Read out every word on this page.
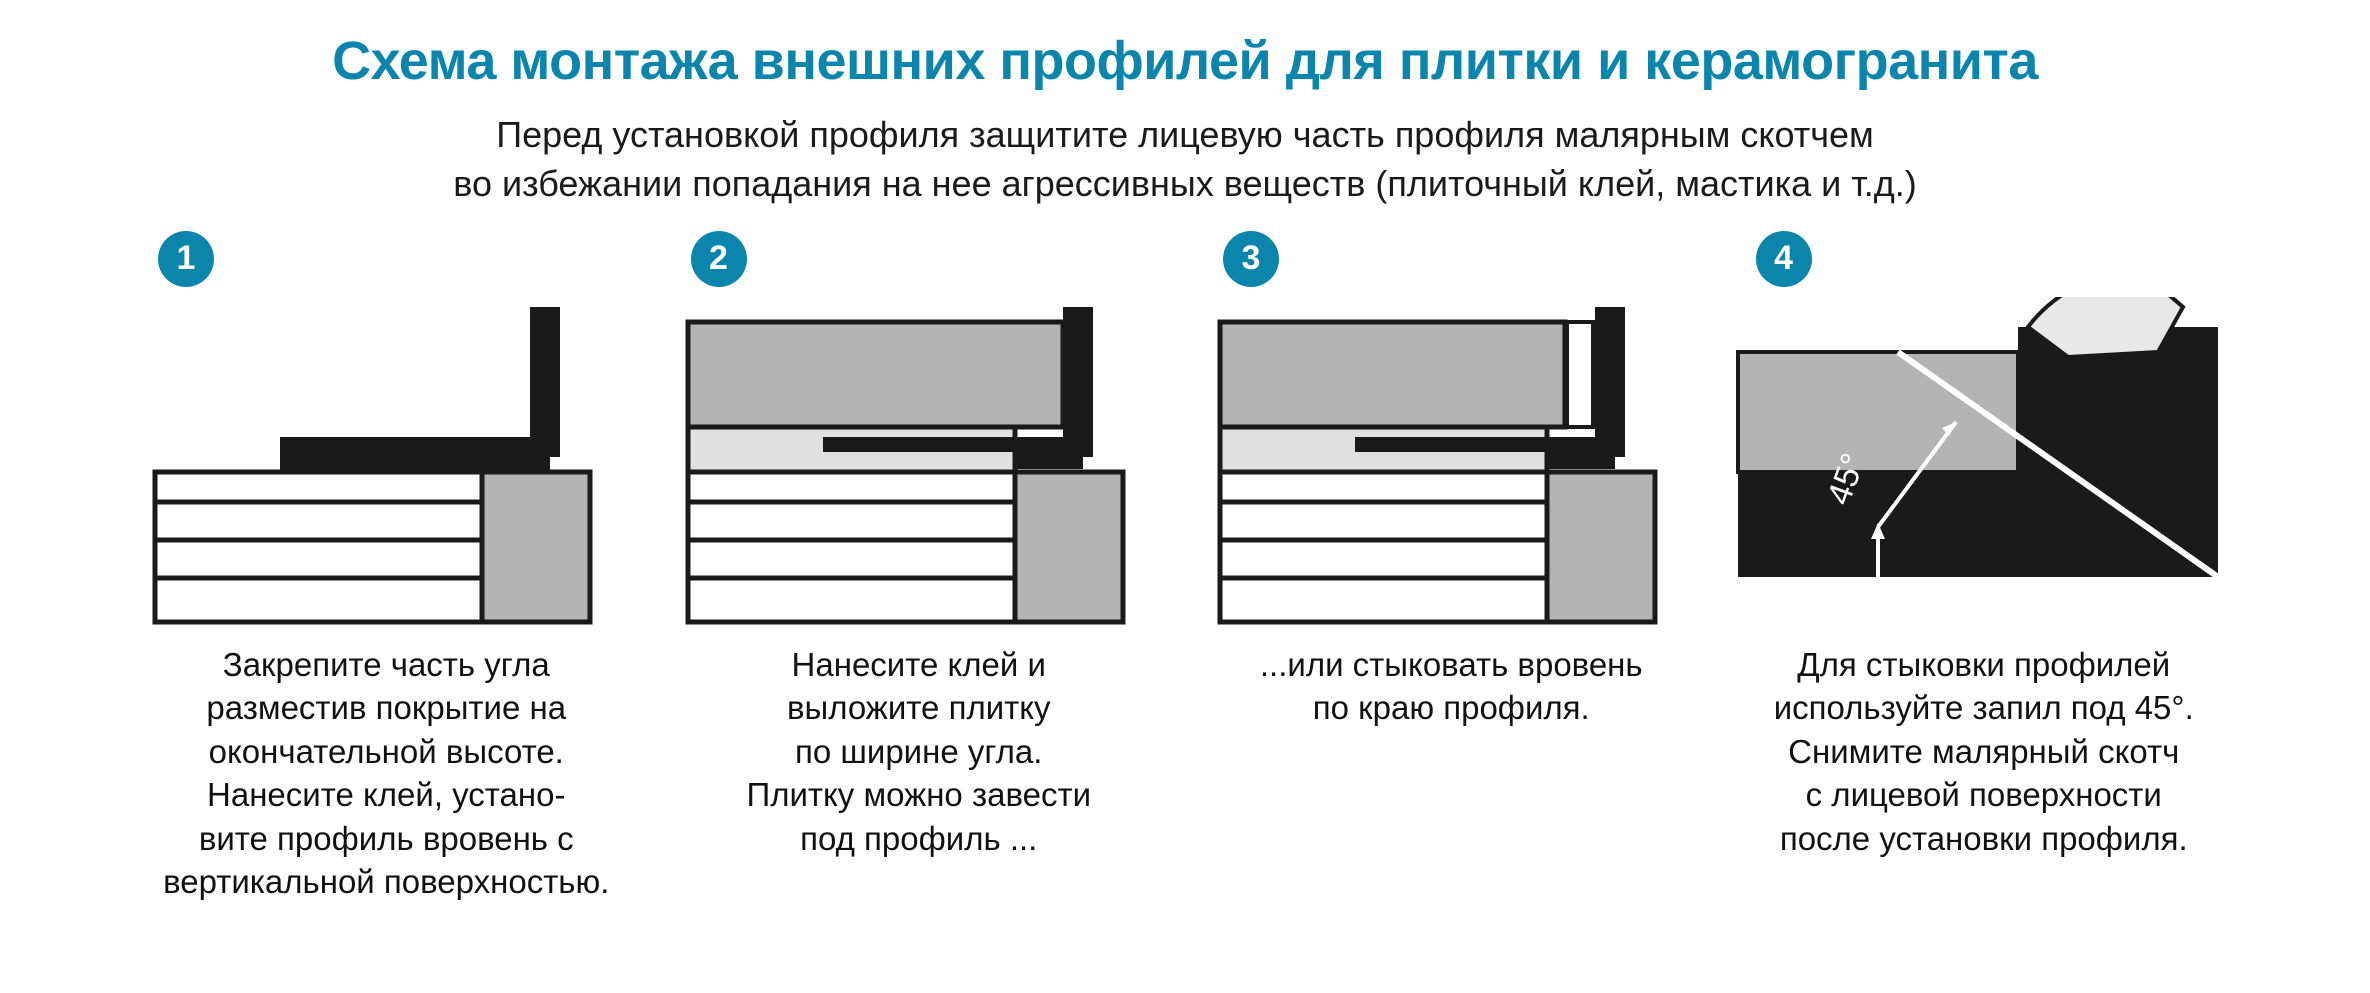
Схема монтажа внешних профилей для плитки и керамогранита
Перед установкой профиля защитите лицевую часть профиля малярным скотчем
во избежании попадания на нее агрессивных веществ (плиточный клей, мастика и т.д.)
1
Закрепите часть угла
разместив покрытие на
окончательной высоте.
Нанесите клей, устано-
вите профиль вровень с
вертикальной поверхностью.
2
Нанесите клей и
выложите плитку
по ширине угла.
Плитку можно завести
под профиль ...
3
...или стыковать вровень
по краю профиля.
4
45°
Для стыковки профилей
используйте запил под 45°.
Снимите малярный скотч
с лицевой поверхности
после установки профиля.
